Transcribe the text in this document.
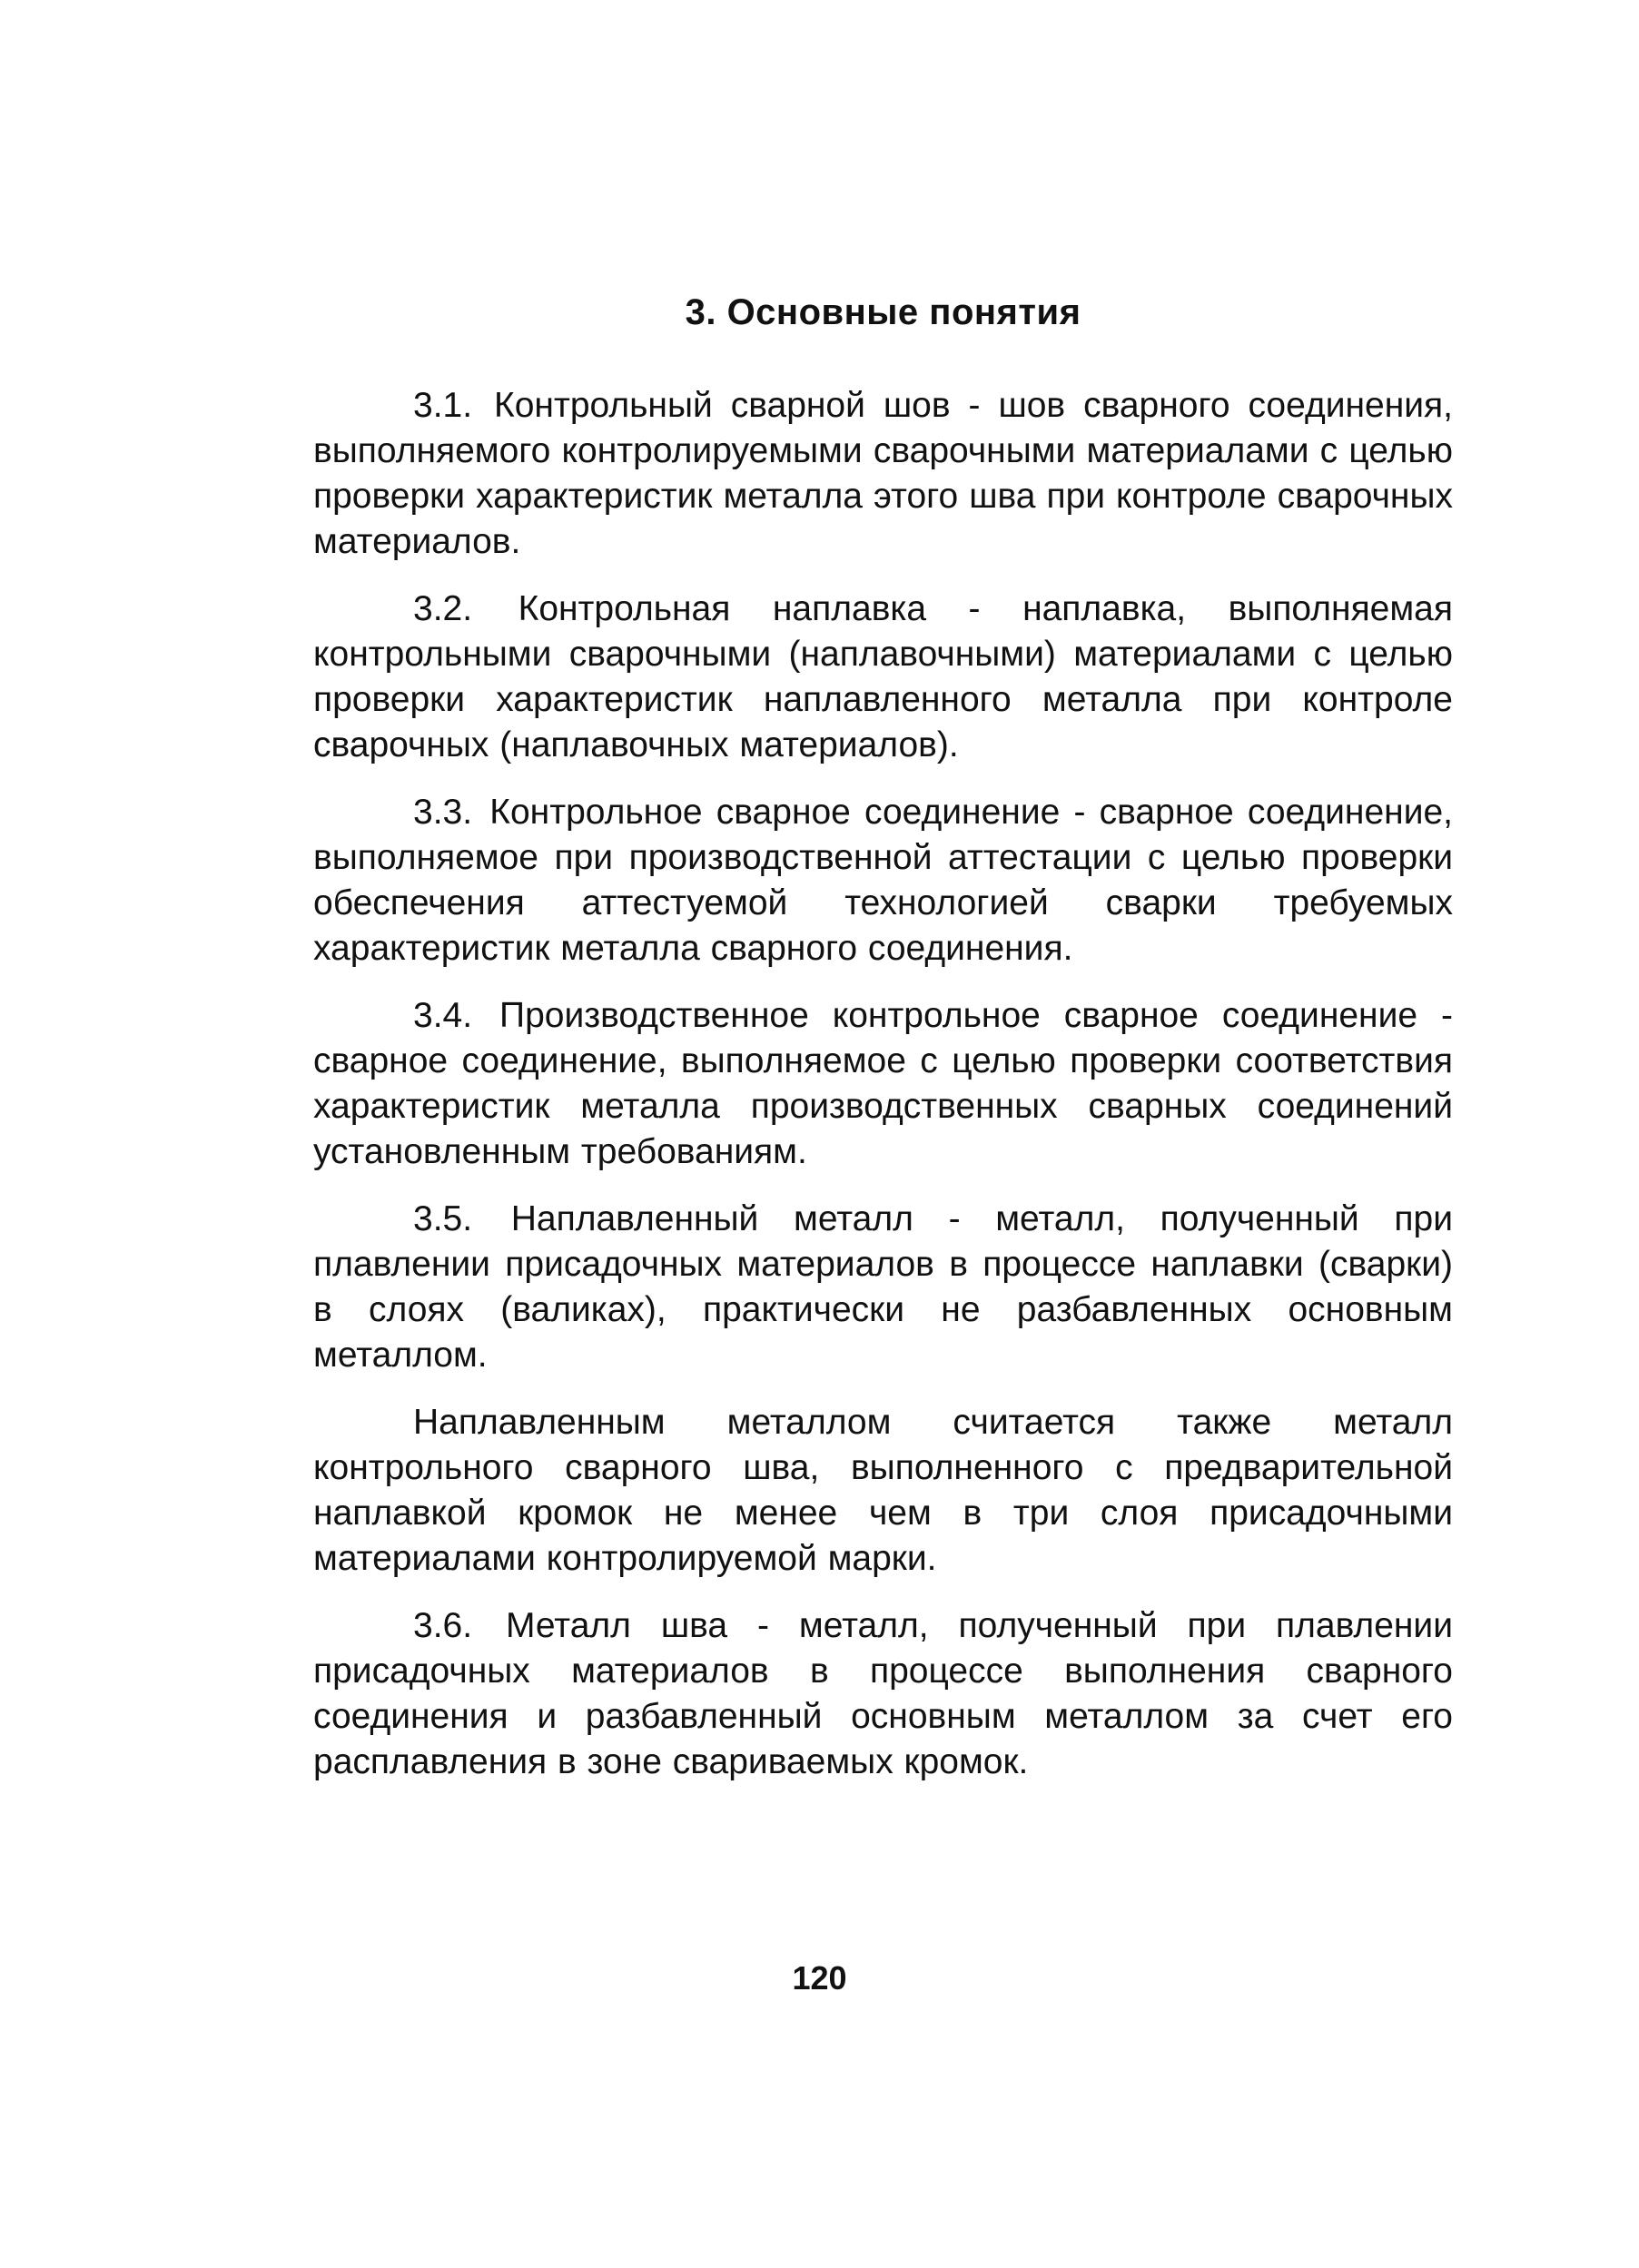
3. Основные понятия

3.1. Контрольный сварной шов - шов сварного соединения, выполняемого контролируемыми сварочными материалами с целью проверки характеристик металла этого шва при контроле сварочных материалов.

3.2. Контрольная наплавка - наплавка, выполняемая контрольными сварочными (наплавочными) материалами с целью проверки характеристик наплавленного металла при контроле сварочных (наплавочных материалов).

3.3. Контрольное сварное соединение - сварное соединение, выполняемое при производственной аттестации с целью проверки обеспечения аттестуемой технологией сварки требуемых характеристик металла сварного соединения.

3.4. Производственное контрольное сварное соединение - сварное соединение, выполняемое с целью проверки соответствия характеристик металла производственных сварных соединений установленным требованиям.

3.5. Наплавленный металл - металл, полученный при плавлении присадочных материалов в процессе наплавки (сварки) в слоях (валиках), практически не разбавленных основным металлом.

Наплавленным металлом считается также металл контрольного сварного шва, выполненного с предварительной наплавкой кромок не менее чем в три слоя присадочными материалами контролируемой марки.

3.6. Металл шва - металл, полученный при плавлении присадочных материалов в процессе выполнения сварного соединения и разбавленный основным металлом за счет его расплавления в зоне свариваемых кромок.

120
